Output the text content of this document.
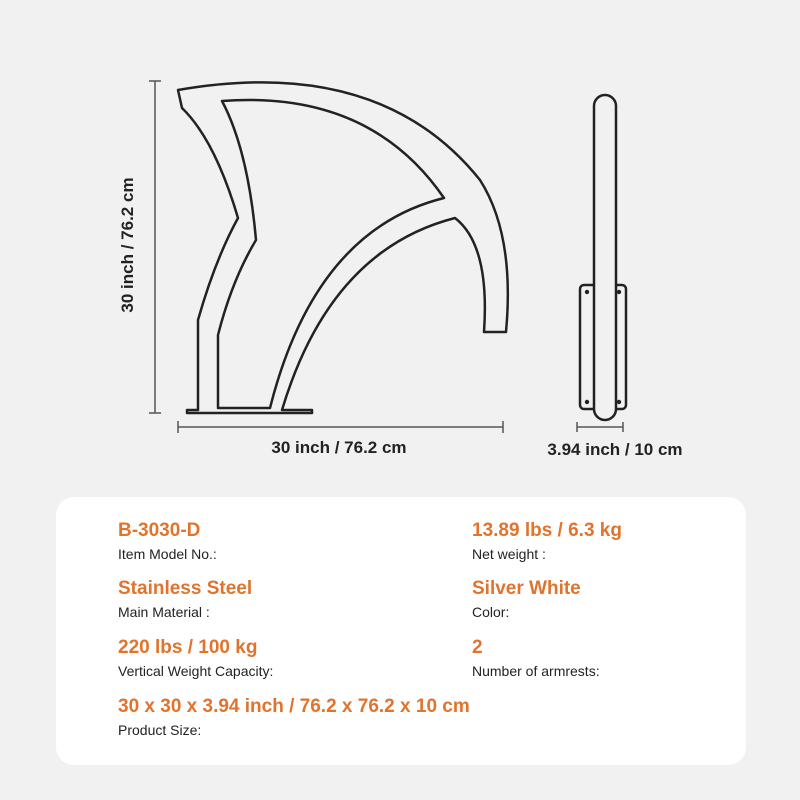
30 inch / 76.2 cm
30 inch / 76.2 cm	3.94 inch / 10 cm
B-3030-D
Item Model No.:
13.89 lbs / 6.3 kg
Net weight :
Stainless Steel
Main Material :
Silver White
Color:
220 lbs / 100 kg
Vertical Weight Capacity:
2
Number of armrests:
30 x 30 x 3.94 inch / 76.2 x 76.2 x 10 cm
Product Size:
